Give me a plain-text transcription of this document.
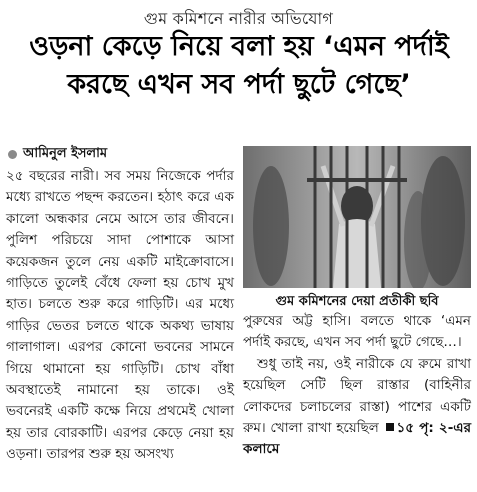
গুম কমিশনে নারীর অভিযোগ
ওড়না কেড়ে নিয়ে বলা হয় ‘এমন পর্দাই করছে এখন সব পর্দা ছুটে গেছে’
আমিনুল ইসলাম

২৫ বছরের নারী। সব সময় নিজেকে পর্দার মধ্যে রাখতে পছন্দ করতেন। হঠাৎ করে এক কালো অন্ধকার নেমে আসে তার জীবনে। পুলিশ পরিচয়ে সাদা পোশাকে আসা কয়েকজন তুলে নেয় একটি মাইক্রোবাসে। গাড়িতে তুলেই বেঁধে ফেলা হয় চোখ মুখ হাত। চলতে শুরু করে গাড়িটি। এর মধ্যে গাড়ির ভেতর চলতে থাকে অকথ্য ভাষায় গালাগাল। এরপর কোনো ভবনের সামনে গিয়ে থামানো হয় গাড়িটি। চোখ বাঁধা অবস্থাতেই নামানো হয় তাকে। ওই ভবনেরই একটি কক্ষে নিয়ে প্রথমেই খোলা হয় তার বোরকাটি। এরপর কেড়ে নেয়া হয় ওড়না। তারপর শুরু হয় অসংখ্য

গুম কমিশনের দেয়া প্রতীকী ছবি

পুরুষের অট্ট হাসি। বলতে থাকে ‘এমন পর্দাই করছে, এখন সব পর্দা ছুটে গেছে…।

শুধু তাই নয়, ওই নারীকে যে রুমে রাখা হয়েছিল সেটি ছিল রাস্তার (বাহিনীর লোকদের চলাচলের রাস্তা) পাশের একটি রুম। খোলা রাখা হয়েছিল ১৫ পৃ: ২-এর কলামে
